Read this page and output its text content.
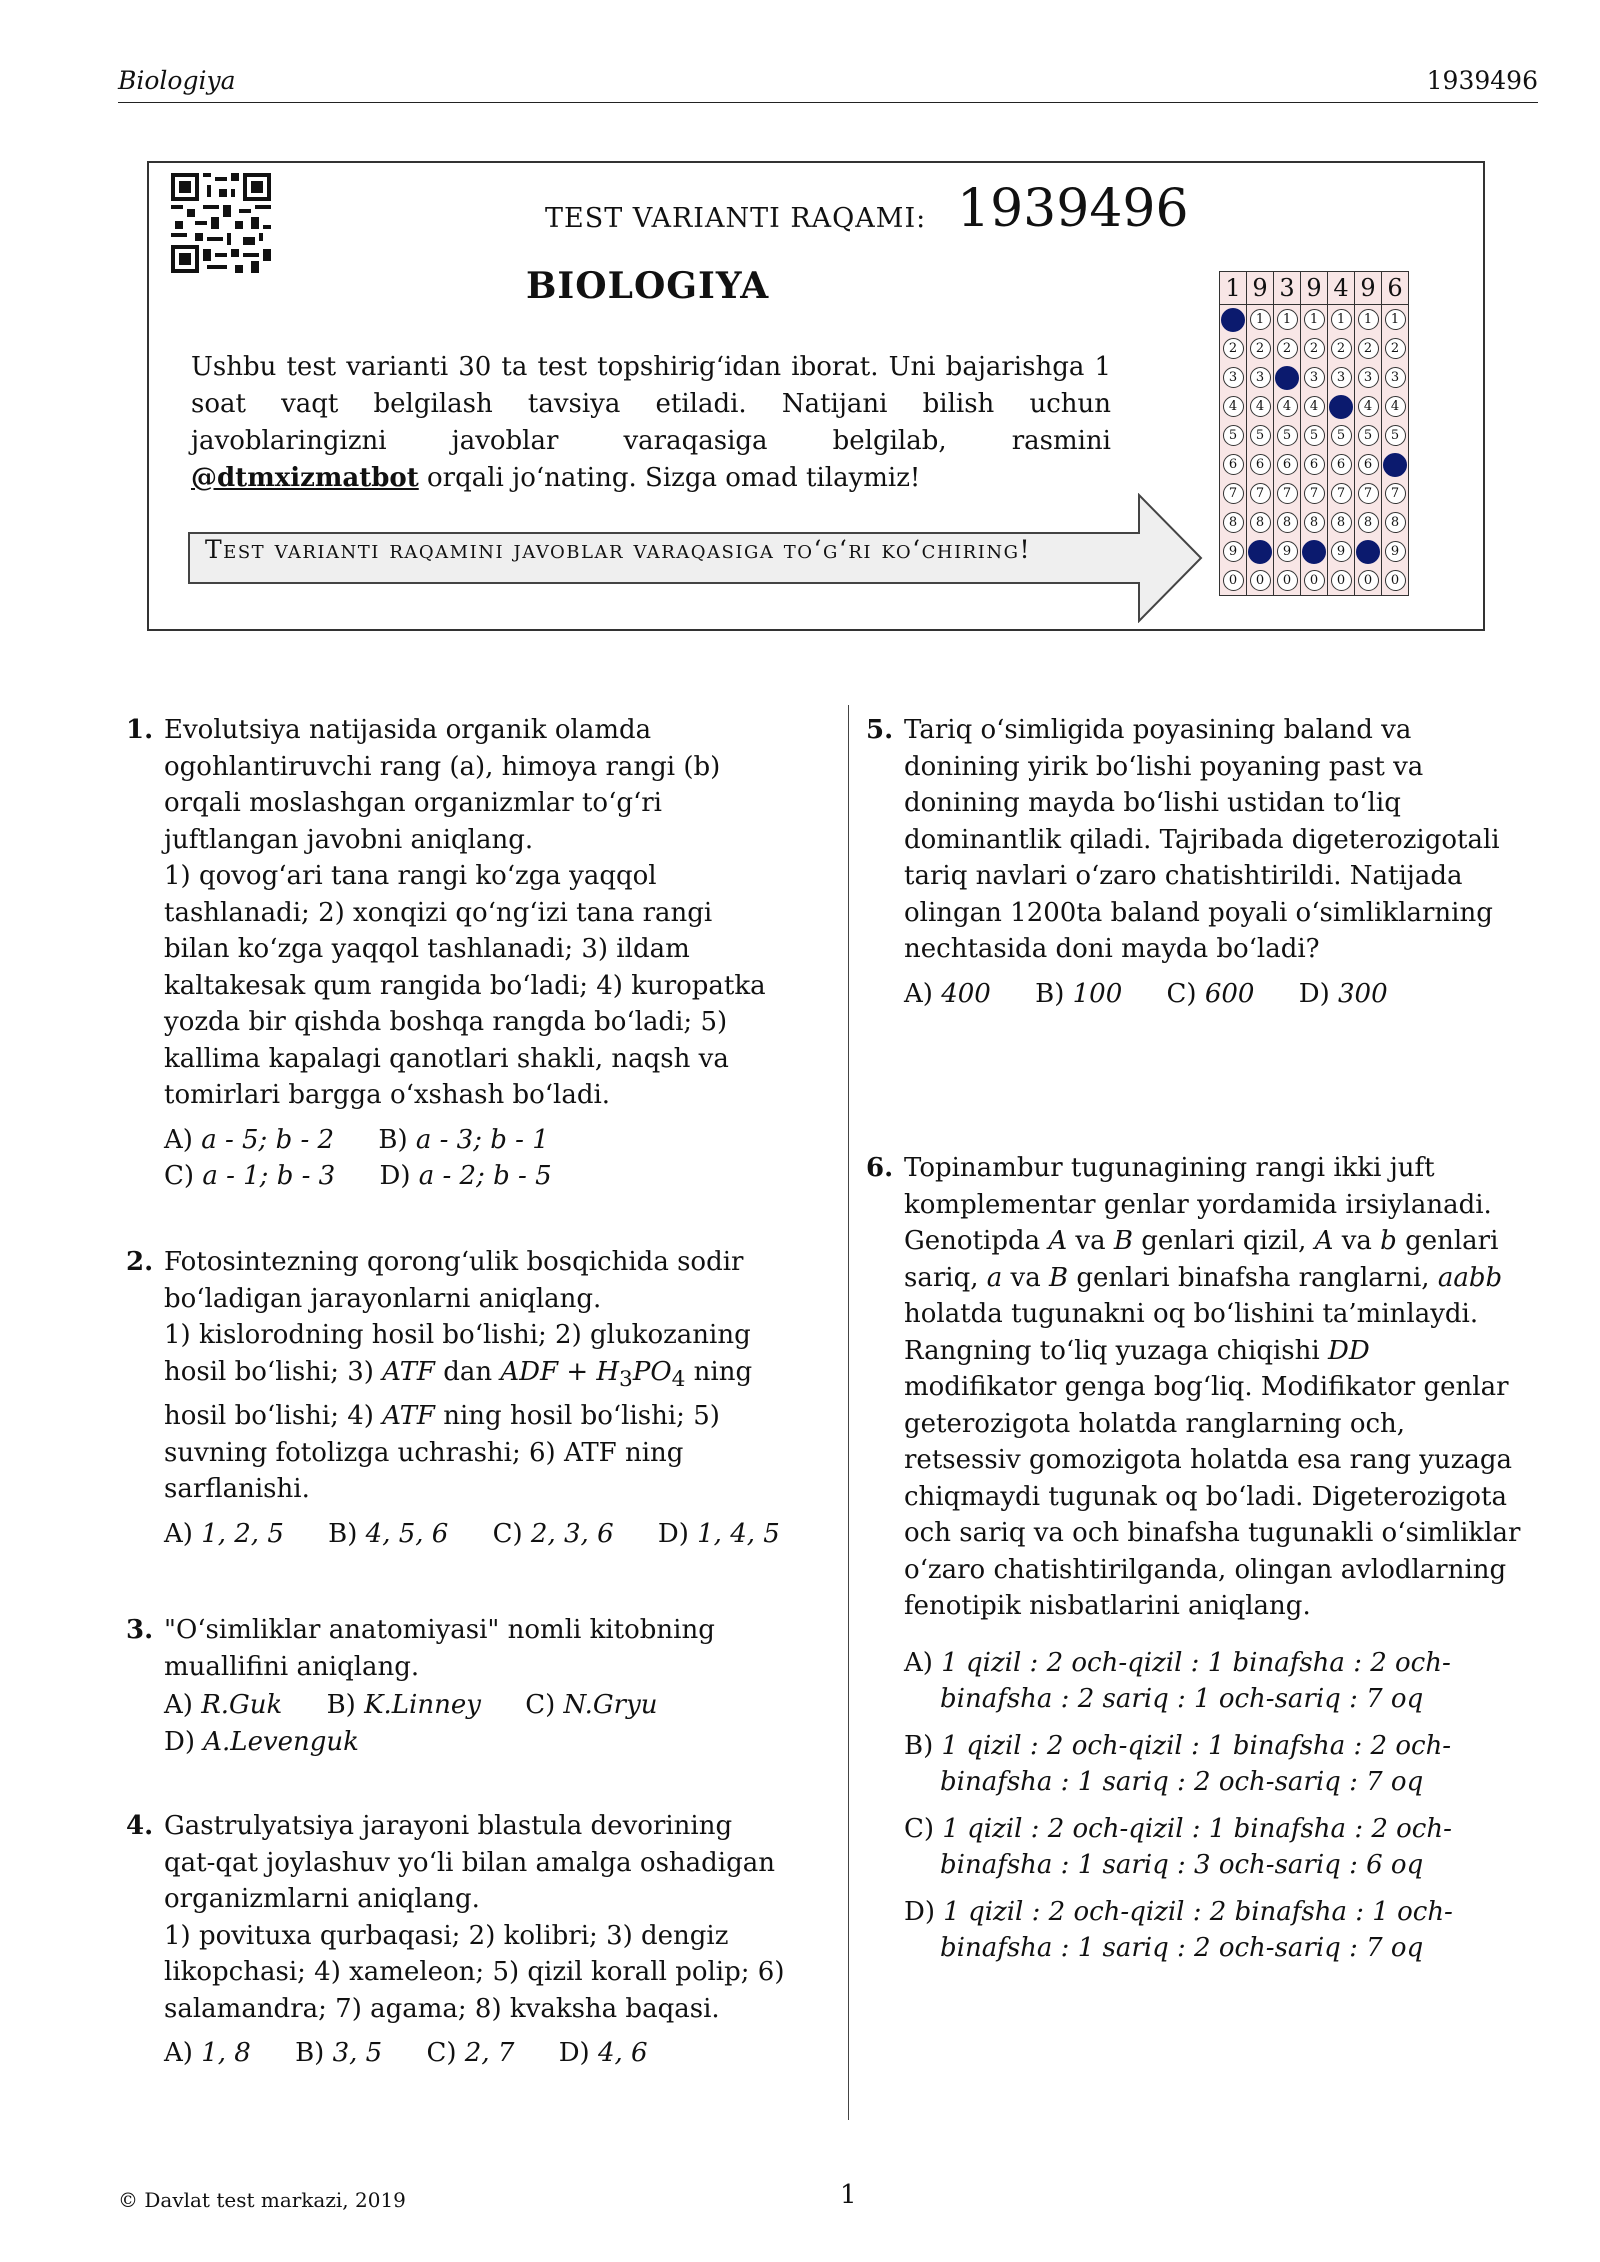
Biologiya	1939496
TEST VARIANTI RAQAMI: 1939496
BIOLOGIYA

Ushbu test varianti 30 ta test topshirig‘idan iborat. Uni bajarishga 1 soat vaqt belgilash tavsiya etiladi. Natijani bilish uchun javoblaringizni javoblar varaqasiga belgilab, rasmini @dtmxizmatbot orqali jo‘nating. Sizga omad tilaymiz!

Test varianti raqamini javoblar varaqasiga to‘g‘ri ko‘chiring!
1	9	3	9	4	9	6
	1	1	1	1	1	1
2	2	2	2	2	2	2
3	3		3	3	3	3
4	4	4	4		4	4
5	5	5	5	5	5	5
6	6	6	6	6	6	
7	7	7	7	7	7	7
8	8	8	8	8	8	8
9		9		9		9
0	0	0	0	0	0	0
1. Evolutsiya natijasida organik olamda ogohlantiruvchi rang (a), himoya rangi (b) orqali moslashgan organizmlar to‘g‘ri juftlangan javobni aniqlang.

1) qovog‘ari tana rangi ko‘zga yaqqol tashlanadi; 2) xonqizi qo‘ng‘izi tana rangi bilan ko‘zga yaqqol tashlanadi; 3) ildam kaltakesak qum rangida bo‘ladi; 4) kuropatka yozda bir qishda boshqa rangda bo‘ladi; 5) kallima kapalagi qanotlari shakli, naqsh va tomirlari bargga o‘xshash bo‘ladi.

A) a - 5; b - 2 B) a - 3; b - 1
C) a - 1; b - 3 D) a - 2; b - 5
2. Fotosintezning qorong‘ulik bosqichida sodir bo‘ladigan jarayonlarni aniqlang.

1) kislorodning hosil bo‘lishi; 2) glukozaning hosil bo‘lishi; 3) ATF dan ADF + $H_3PO_4$ ning hosil bo‘lishi; 4) ATF ning hosil bo‘lishi; 5) suvning fotolizga uchrashi; 6) ATF ning sarflanishi.

A) 1, 2, 5 B) 4, 5, 6 C) 2, 3, 6 D) 1, 4, 5
3. "O‘simliklar anatomiyasi" nomli kitobning muallifini aniqlang.

A) R.Guk B) K.Linney C) N.Gryu
D) A.Levenguk
4. Gastrulyatsiya jarayoni blastula devorining qat-qat joylashuv yo‘li bilan amalga oshadigan organizmlarni aniqlang.

1) povituxa qurbaqasi; 2) kolibri; 3) dengiz likopchasi; 4) xameleon; 5) qizil korall polip; 6) salamandra; 7) agama; 8) kvaksha baqasi.

A) 1, 8 B) 3, 5 C) 2, 7 D) 4, 6
5. Tariq o‘simligida poyasining baland va donining yirik bo‘lishi poyaning past va donining mayda bo‘lishi ustidan to‘liq dominantlik qiladi. Tajribada digeterozigotali tariq navlari o‘zaro chatishtirildi. Natijada olingan 1200ta baland poyali o‘simliklarning nechtasida doni mayda bo‘ladi?

A) 400 B) 100 C) 600 D) 300
6. Topinambur tugunagining rangi ikki juft komplementar genlar yordamida irsiylanadi. Genotipda A va B genlari qizil, A va b genlari sariq, a va B genlari binafsha ranglarni, aabb holatda tugunakni oq bo‘lishini ta’minlaydi. Rangning to‘liq yuzaga chiqishi DD modifikator genga bog‘liq. Modifikator genlar geterozigota holatda ranglarning och, retsessiv gomozigota holatda esa rang yuzaga chiqmaydi tugunak oq bo‘ladi. Digeterozigota och sariq va och binafsha tugunakli o‘simliklar o‘zaro chatishtirilganda, olingan avlodlarning fenotipik nisbatlarini aniqlang.

A) 1 qizil : 2 och-qizil : 1 binafsha : 2 och-binafsha : 2 sariq : 1 och-sariq : 7 oq
B) 1 qizil : 2 och-qizil : 1 binafsha : 2 och-binafsha : 1 sariq : 2 och-sariq : 7 oq
C) 1 qizil : 2 och-qizil : 1 binafsha : 2 och-binafsha : 1 sariq : 3 och-sariq : 6 oq
D) 1 qizil : 2 och-qizil : 2 binafsha : 1 och-binafsha : 1 sariq : 2 och-sariq : 7 oq
© Davlat test markazi, 2019	1
